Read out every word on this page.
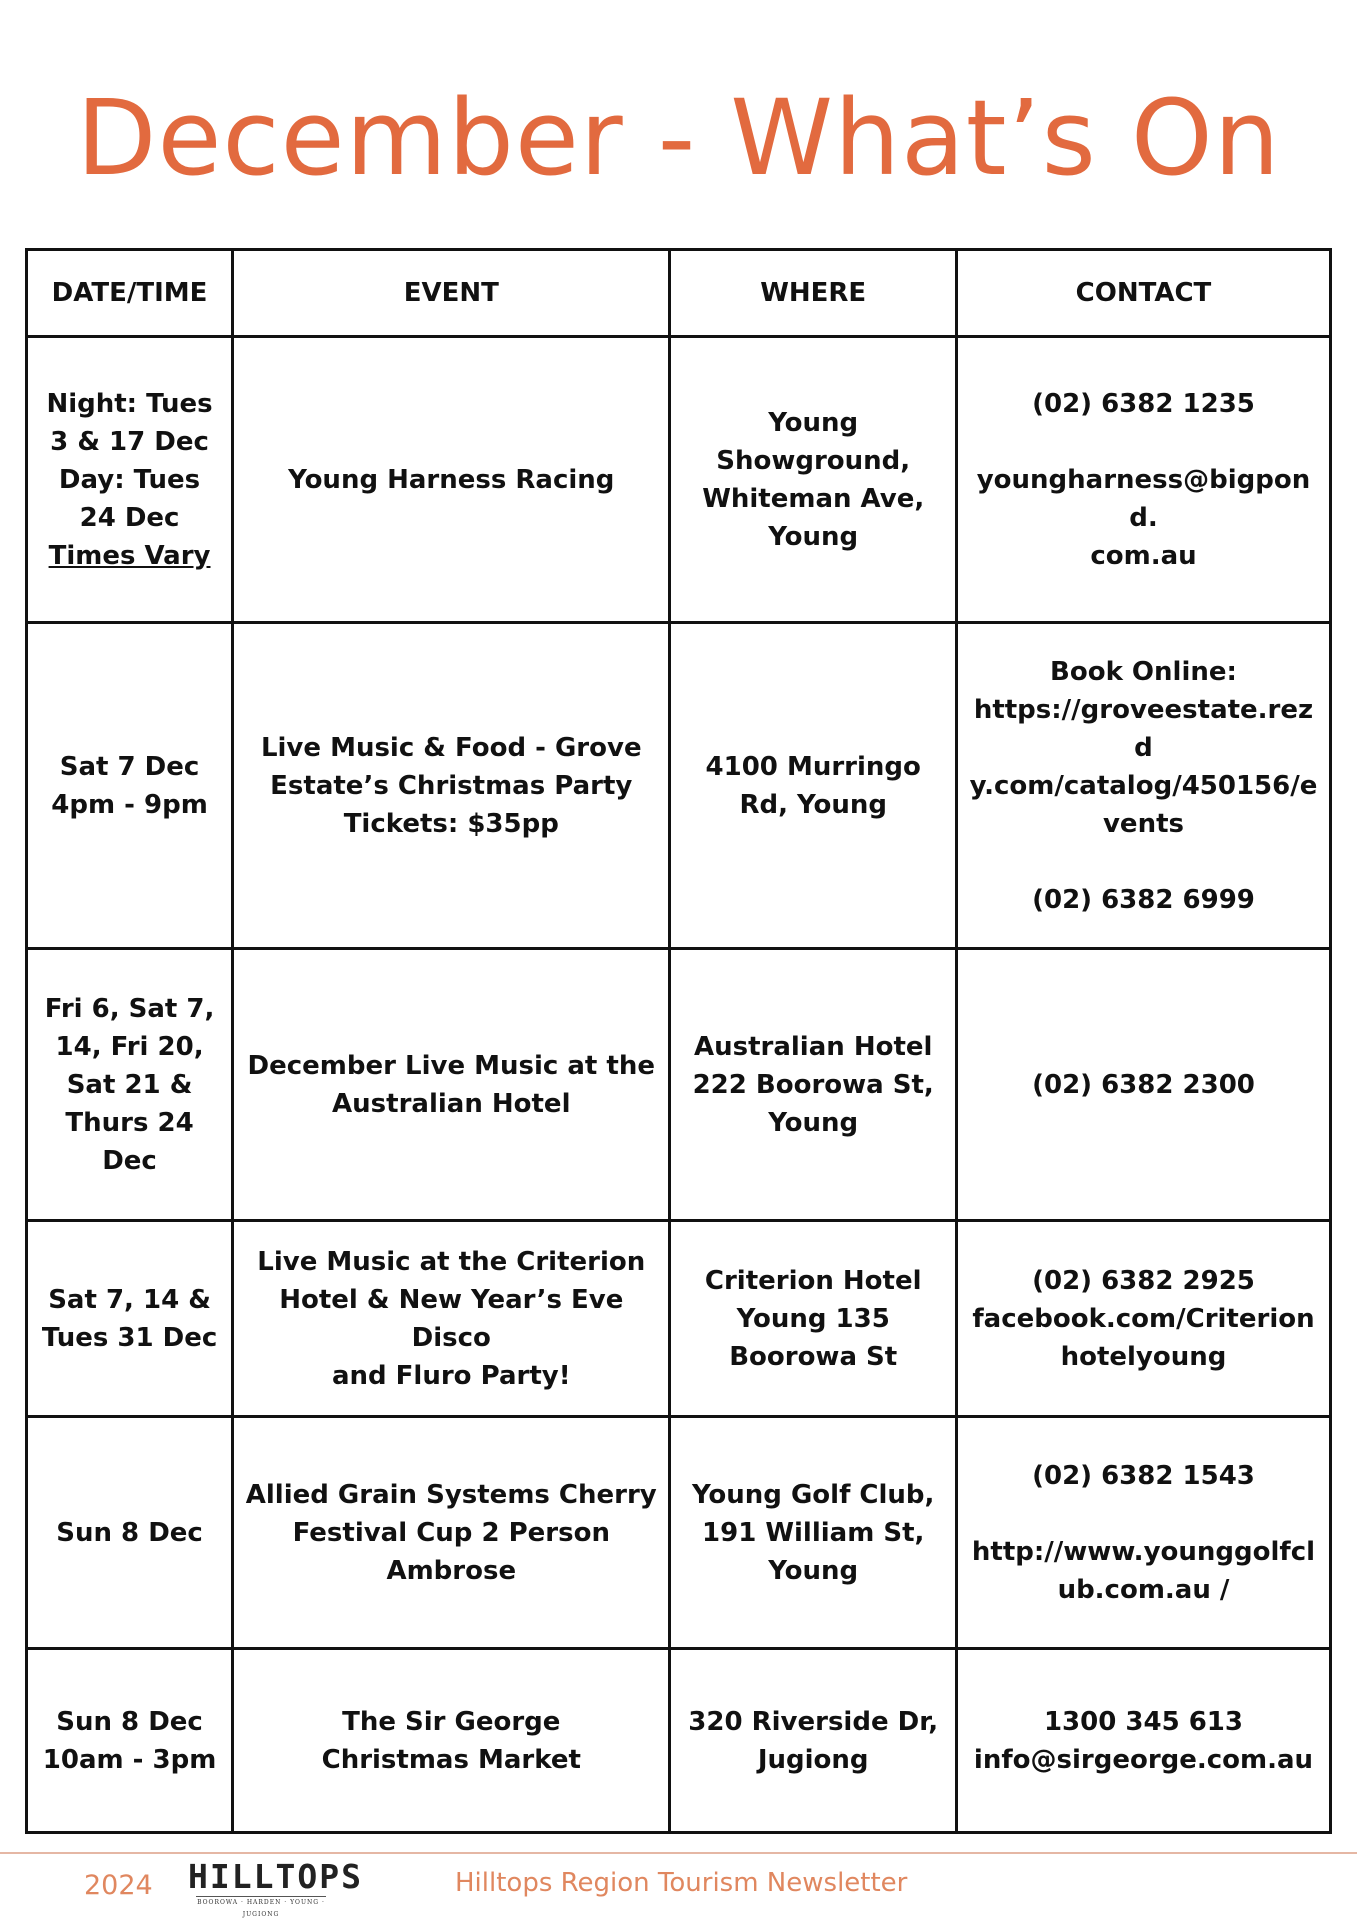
December - What’s On
DATE/TIME	EVENT	WHERE	CONTACT

Night: Tues
3 & 17 Dec
Day: Tues
24 Dec
Times Vary	Young Harness Racing	Young
Showground,
Whiteman Ave,
Young	(02) 6382 1235
youngharness@bigpond.
com.au

Sat 7 Dec
4pm - 9pm	Live Music & Food - Grove
Estate’s Christmas Party
Tickets: $35pp	4100 Murringo
Rd, Young	Book Online:
https://groveestate.rezd
y.com/catalog/450156/e
vents
(02) 6382 6999

Fri 6, Sat 7,
14, Fri 20,
Sat 21 &
Thurs 24
Dec	December Live Music at the
Australian Hotel	Australian Hotel
222 Boorowa St,
Young	(02) 6382 2300

Sat 7, 14 &
Tues 31 Dec	Live Music at the Criterion
Hotel & New Year’s Eve Disco
and Fluro Party!	Criterion Hotel
Young 135
Boorowa St	(02) 6382 2925
facebook.com/Criterion
hotelyoung

Sun 8 Dec	Allied Grain Systems Cherry
Festival Cup 2 Person
Ambrose	Young Golf Club,
191 William St,
Young	(02) 6382 1543
http://www.younggolfcl
ub.com.au /

Sun 8 Dec
10am - 3pm	The Sir George
Christmas Market	320 Riverside Dr,
Jugiong	1300 345 613
info@sirgeorge.com.au
2024 HILLTOPS
BOOROWA · HARDEN · YOUNG · JUGIONG
Hilltops Region Tourism Newsletter
